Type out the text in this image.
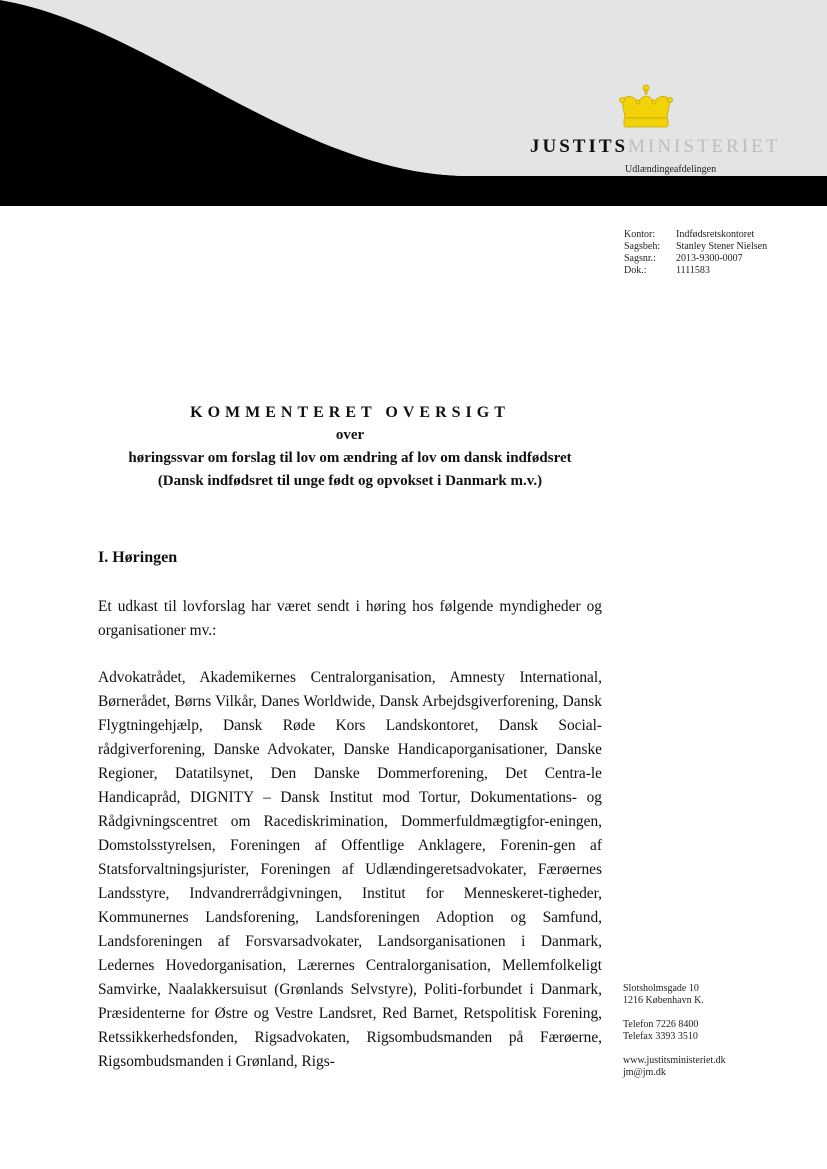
JUSTITSMINISTERIET
Udlændingeafdelingen
Kontor:	Indfødsretskontoret
Sagsbeh:	Stanley Stener Nielsen
Sagsnr.:	2013-9300-0007
Dok.:	1111583
KOMMENTERET OVERSIGT
over
høringssvar om forslag til lov om ændring af lov om dansk indfødsret
(Dansk indfødsret til unge født og opvokset i Danmark m.v.)
I. Høringen
Et udkast til lovforslag har været sendt i høring hos følgende myndigheder og organisationer mv.:
Advokatrådet, Akademikernes Centralorganisation, Amnesty International, Børnerådet, Børns Vilkår, Danes Worldwide, Dansk Arbejdsgiverforening, Dansk Flygtningehjælp, Dansk Røde Kors Landskontoret, Dansk Social-rådgiverforening, Danske Advokater, Danske Handicaporganisationer, Danske Regioner, Datatilsynet, Den Danske Dommerforening, Det Centra-le Handicapråd, DIGNITY – Dansk Institut mod Tortur, Dokumentations- og Rådgivningscentret om Racediskrimination, Dommerfuldmægtigfor-eningen, Domstolsstyrelsen, Foreningen af Offentlige Anklagere, Forenin-gen af Statsforvaltningsjurister, Foreningen af Udlændingeretsadvokater, Færøernes Landsstyre, Indvandrerrådgivningen, Institut for Menneskeret-tigheder, Kommunernes Landsforening, Landsforeningen Adoption og Samfund, Landsforeningen af Forsvarsadvokater, Landsorganisationen i Danmark, Ledernes Hovedorganisation, Lærernes Centralorganisation, Mellemfolkeligt Samvirke, Naalakkersuisut (Grønlands Selvstyre), Politi-forbundet i Danmark, Præsidenterne for Østre og Vestre Landsret, Red Barnet, Retspolitisk Forening, Retssikkerhedsfonden, Rigsadvokaten, Rigsombudsmanden på Færøerne, Rigsombudsmanden i Grønland, Rigs-
Slotsholmsgade 10
1216 København K.
Telefon 7226 8400
Telefax 3393 3510
www.justitsministeriet.dk
jm@jm.dk
